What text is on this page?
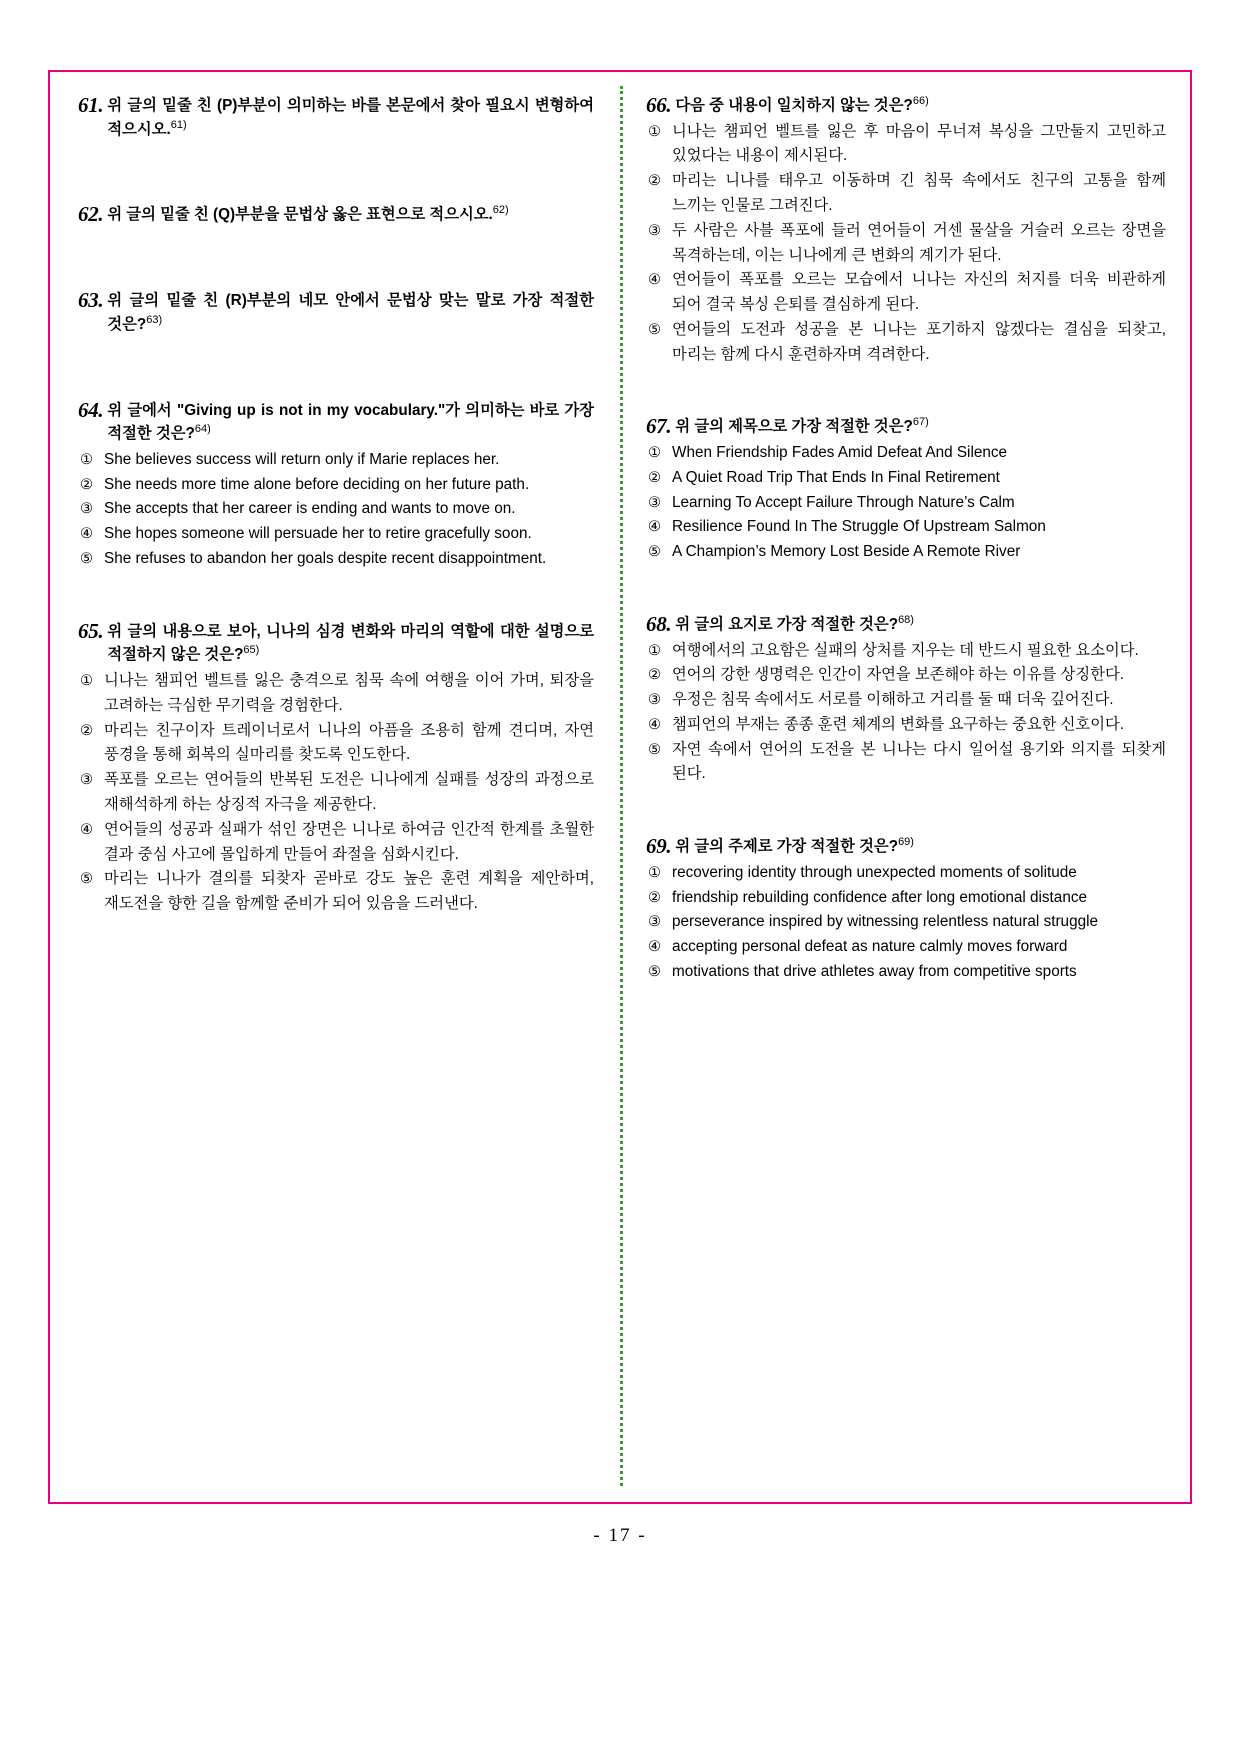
61. 위 글의 밑줄 친 (P)부분이 의미하는 바를 본문에서 찾아 필요시 변형하여 적으시오.$^{61)}$
62. 위 글의 밑줄 친 (Q)부분을 문법상 옳은 표현으로 적으시오.$^{62)}$
63. 위 글의 밑줄 친 (R)부분의 네모 안에서 문법상 맞는 말로 가장 적절한 것은?$^{63)}$
64. 위 글에서 "Giving up is not in my vocabulary."가 의미하는 바로 가장 적절한 것은?$^{64)}$
① She believes success will return only if Marie replaces her.
② She needs more time alone before deciding on her future path.
③ She accepts that her career is ending and wants to move on.
④ She hopes someone will persuade her to retire gracefully soon.
⑤ She refuses to abandon her goals despite recent disappointment.
65. 위 글의 내용으로 보아, 니나의 심경 변화와 마리의 역할에 대한 설명으로 적절하지 않은 것은?$^{65)}$
① 니나는 챔피언 벨트를 잃은 충격으로 침묵 속에 여행을 이어 가며, 퇴장을 고려하는 극심한 무기력을 경험한다.
② 마리는 친구이자 트레이너로서 니나의 아픔을 조용히 함께 견디며, 자연 풍경을 통해 회복의 실마리를 찾도록 인도한다.
③ 폭포를 오르는 연어들의 반복된 도전은 니나에게 실패를 성장의 과정으로 재해석하게 하는 상징적 자극을 제공한다.
④ 연어들의 성공과 실패가 섞인 장면은 니나로 하여금 인간적 한계를 초월한 결과 중심 사고에 몰입하게 만들어 좌절을 심화시킨다.
⑤ 마리는 니나가 결의를 되찾자 곧바로 강도 높은 훈련 계획을 제안하며, 재도전을 향한 길을 함께할 준비가 되어 있음을 드러낸다.
66. 다음 중 내용이 일치하지 않는 것은?$^{66)}$
① 니나는 챔피언 벨트를 잃은 후 마음이 무너져 복싱을 그만둘지 고민하고 있었다는 내용이 제시된다.
② 마리는 니나를 태우고 이동하며 긴 침묵 속에서도 친구의 고통을 함께 느끼는 인물로 그려진다.
③ 두 사람은 사블 폭포에 들러 연어들이 거센 물살을 거슬러 오르는 장면을 목격하는데, 이는 니나에게 큰 변화의 계기가 된다.
④ 연어들이 폭포를 오르는 모습에서 니나는 자신의 처지를 더욱 비관하게 되어 결국 복싱 은퇴를 결심하게 된다.
⑤ 연어들의 도전과 성공을 본 니나는 포기하지 않겠다는 결심을 되찾고, 마리는 함께 다시 훈련하자며 격려한다.
67. 위 글의 제목으로 가장 적절한 것은?$^{67)}$
① When Friendship Fades Amid Defeat And Silence
② A Quiet Road Trip That Ends In Final Retirement
③ Learning To Accept Failure Through Nature’s Calm
④ Resilience Found In The Struggle Of Upstream Salmon
⑤ A Champion’s Memory Lost Beside A Remote River
68. 위 글의 요지로 가장 적절한 것은?$^{68)}$
① 여행에서의 고요함은 실패의 상처를 지우는 데 반드시 필요한 요소이다.
② 연어의 강한 생명력은 인간이 자연을 보존해야 하는 이유를 상징한다.
③ 우정은 침묵 속에서도 서로를 이해하고 거리를 둘 때 더욱 깊어진다.
④ 챔피언의 부재는 종종 훈련 체계의 변화를 요구하는 중요한 신호이다.
⑤ 자연 속에서 연어의 도전을 본 니나는 다시 일어설 용기와 의지를 되찾게 된다.
69. 위 글의 주제로 가장 적절한 것은?$^{69)}$
① recovering identity through unexpected moments of solitude
② friendship rebuilding confidence after long emotional distance
③ perseverance inspired by witnessing relentless natural struggle
④ accepting personal defeat as nature calmly moves forward
⑤ motivations that drive athletes away from competitive sports
- 17 -
